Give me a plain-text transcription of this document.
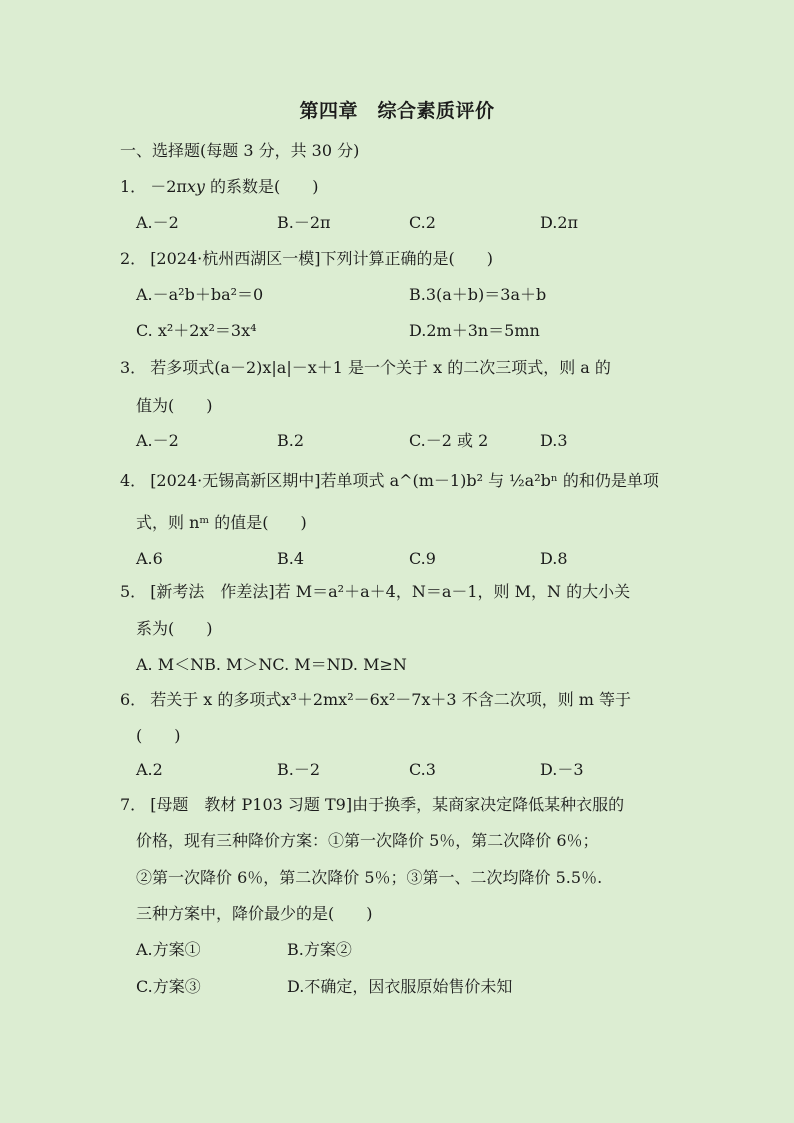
第四章　综合素质评价
一、选择题(每题 3 分，共 30 分)
1． －2πxy 的系数是(　　)
A.－2	B.－2π	C.2	D.2π
2． [2024·杭州西湖区一模]下列计算正确的是(　　)
A.－a²b＋ba²＝0	B.3(a＋b)＝3a＋b
C. x²＋2x²＝3x⁴	D.2m＋3n＝5mn
3． 若多项式(a－2)x|a|－x＋1 是一个关于 x 的二次三项式，则 a 的
值为(　　)
A.－2	B.2	C.－2 或 2	D.3
4． [2024·无锡高新区期中]若单项式 a^(m－1)b² 与 ½a²bⁿ 的和仍是单项
式，则 nᵐ 的值是(　　)
A.6	B.4	C.9	D.8
5． [新考法　作差法]若 M＝a²＋a＋4，N＝a－1，则 M，N 的大小关
系为(　　)
A. M＜NB. M＞NC. M＝ND. M≥N
6． 若关于 x 的多项式x³＋2mx²－6x²－7x＋3 不含二次项，则 m 等于
(　　)
A.2	B.－2	C.3	D.－3
7． [母题　教材 P103 习题 T9]由于换季，某商家决定降低某种衣服的
价格，现有三种降价方案：①第一次降价 5％，第二次降价 6％；
②第一次降价 6％，第二次降价 5％；③第一、二次均降价 5.5％.
三种方案中，降价最少的是(　　)
A.方案①	B.方案②
C.方案③	D.不确定，因衣服原始售价未知
